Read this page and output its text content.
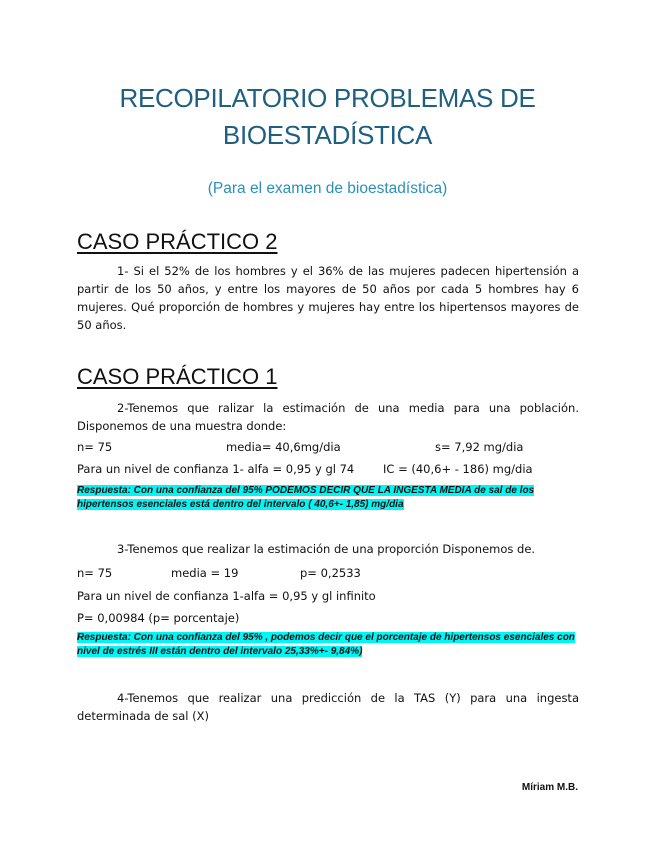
RECOPILATORIO PROBLEMAS DE
BIOESTADÍSTICA
(Para el examen de bioestadística)
CASO PRÁCTICO 2
1- Si el 52% de los hombres y el 36% de las mujeres padecen hipertensión a partir de los 50 años, y entre los mayores de 50 años por cada 5 hombres hay 6 mujeres. Qué proporción de hombres y mujeres hay entre los hipertensos mayores de 50 años.
CASO PRÁCTICO 1
2-Tenemos que ralizar la estimación de una media para una población. Disponemos de una muestra donde:
n= 75	media= 40,6mg/dia	s= 7,92 mg/dia
Para un nivel de confianza 1- alfa = 0,95 y gl 74 IC = (40,6+ - 186) mg/dia
Respuesta: Con una confianza del 95% PODEMOS DECIR QUE LA INGESTA MEDIA de sal de los hipertensos esenciales está dentro del intervalo ( 40,6+- 1,85) mg/dia
3-Tenemos que realizar la estimación de una proporción Disponemos de.
n= 75	media = 19	p= 0,2533
Para un nivel de confianza 1-alfa = 0,95 y gl infinito
P= 0,00984 (p= porcentaje)
Respuesta: Con una confianza del 95% , podemos decir que el porcentaje de hipertensos esenciales con nivel de estrés III están dentro del intervalo 25,33%+- 9,84%)
4-Tenemos que realizar una predicción de la TAS (Y) para una ingesta determinada de sal (X)
Míriam M.B.
